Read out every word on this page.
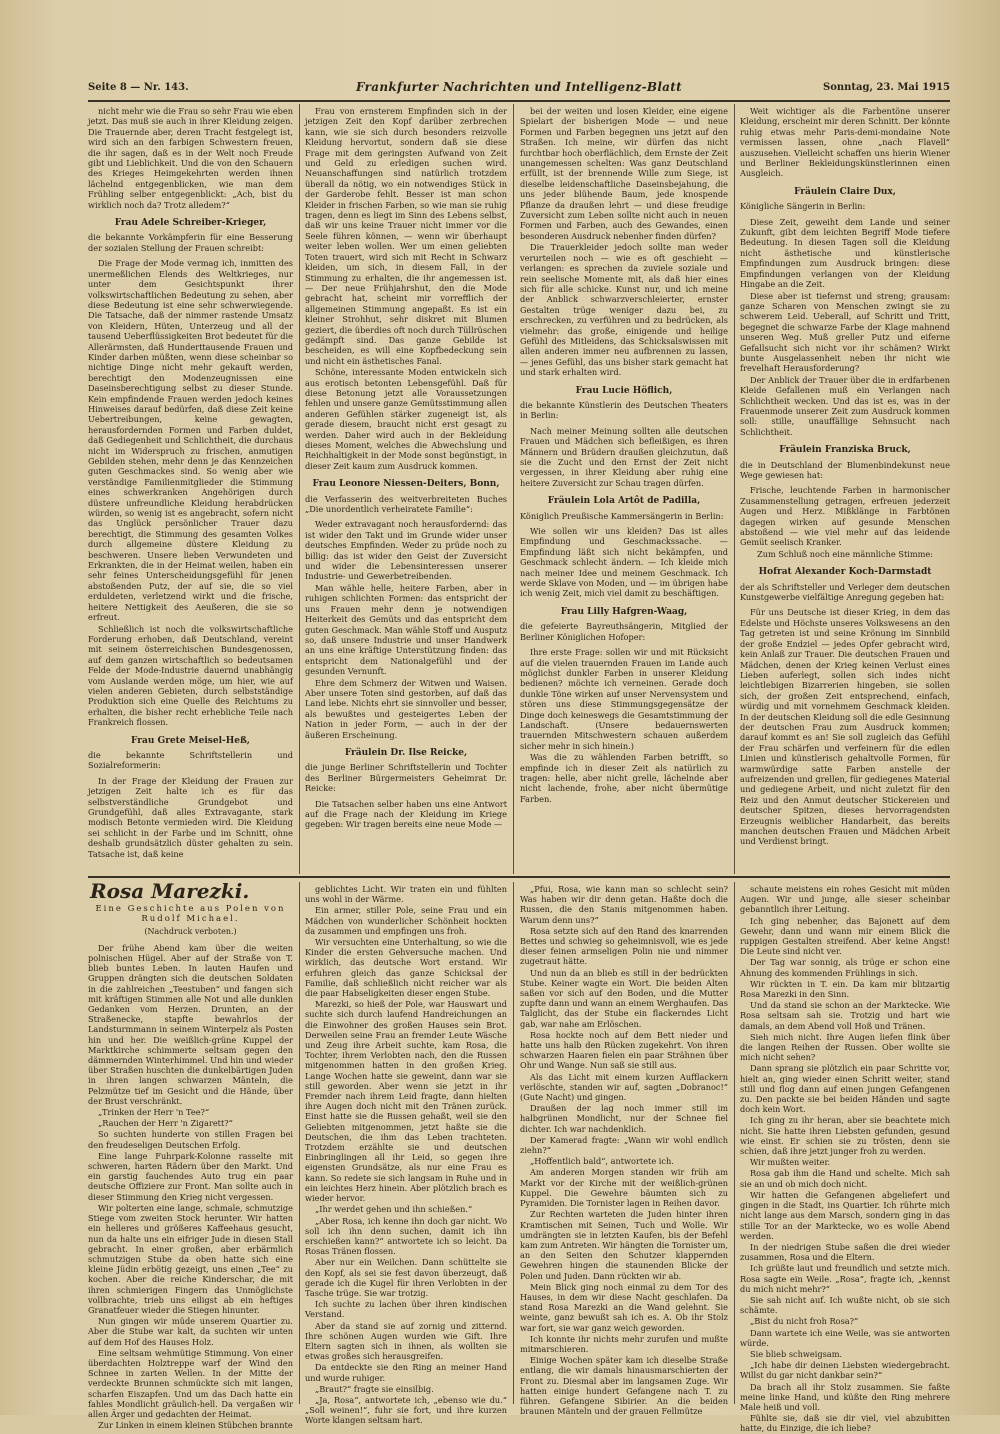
Seite 8 — Nr. 143.	Frankfurter Nachrichten und Intelligenz-Blatt	Sonntag, 23. Mai 1915

nicht mehr wie die Frau so sehr Frau wie eben jetzt. Das muß sie auch in ihrer Kleidung zeigen. Die Trauernde aber, deren Tracht festgelegt ist, wird sich an den farbigen Schwestern freuen, die ihr sagen, daß es in der Welt noch Freude gibt und Lieblichkeit. Und die von den Schauern des Krieges Heimgekehrten werden ihnen lächelnd entgegenblicken, wie man dem Frühling selber entgegenblickt: „Ach, bist du wirklich noch da? Trotz alledem?“

Frau Adele Schreiber-Krieger,

die bekannte Vorkämpferin für eine Besserung der sozialen Stellung der Frauen schreibt:

Die Frage der Mode vermag ich, inmitten des unermeßlichen Elends des Weltkrieges, nur unter dem Gesichtspunkt ihrer volkswirtschaftlichen Bedeutung zu sehen, aber diese Bedeutung ist eine sehr schwerwiegende. Die Tatsache, daß der nimmer rastende Umsatz von Kleidern, Hüten, Unterzeug und all der tausend Ueberflüssigkeiten Brot bedeutet für die Allerärmsten, daß Hunderttausende Frauen und Kinder darben müßten, wenn diese scheinbar so nichtige Dinge nicht mehr gekauft werden, berechtigt den Modenzeugnissen eine Daseinsberechtigung selbst zu dieser Stunde. Kein empfindende Frauen werden jedoch keines Hinweises darauf bedürfen, daß diese Zeit keine Uebertreibungen, keine gewagten, herausfordernden Formen und Farben duldet, daß Gediegenheit und Schlichtheit, die durchaus nicht im Widerspruch zu frischen, anmutigen Gebilden stehen, mehr denn je das Kennzeichen guten Geschmackes sind. So wenig aber wie verständige Familienmitglieder die Stimmung eines schwerkranken Angehörigen durch düstere unfreundliche Kleidung herabdrücken würden, so wenig ist es angebracht, sofern nicht das Unglück persönlicher Trauer dazu berechtigt, die Stimmung des gesamten Volkes durch allgemeine düstere Kleidung zu beschweren. Unsere lieben Verwundeten und Erkrankten, die in der Heimat weilen, haben ein sehr feines Unterscheidungsgefühl für jenen abstoßenden Putz, der auf sie, die so viel erduldeten, verletzend wirkt und die frische, heitere Nettigkeit des Aeußeren, die sie so erfreut.

Schließlich ist noch die volkswirtschaftliche Forderung erhoben, daß Deutschland, vereint mit seinem österreichischen Bundesgenossen, auf dem ganzen wirtschaftlich so bedeutsamen Felde der Mode-Industrie dauernd unabhängig vom Auslande werden möge, um hier, wie auf vielen anderen Gebieten, durch selbstständige Produktion sich eine Quelle des Reichtums zu erhalten, die bisher recht erhebliche Teile nach Frankreich flossen.

Frau Grete Meisel-Heß,

die bekannte Schriftstellerin und Sozialreformerin:

In der Frage der Kleidung der Frauen zur jetzigen Zeit halte ich es für das selbstverständliche Grundgebot und Grundgefühl, daß alles Extravagante, stark modisch Betonte vermieden wird. Die Kleidung sei schlicht in der Farbe und im Schnitt, ohne deshalb grundsätzlich düster gehalten zu sein. Tatsache ist, daß keine

Frau von ernsterem Empfinden sich in der jetzigen Zeit den Kopf darüber zerbrechen kann, wie sie sich durch besonders reizvolle Kleidung hervortut, sondern daß sie diese Frage mit dem geringsten Aufwand von Zeit und Geld zu erledigen suchen wird. Neuanschaffungen sind natürlich trotzdem überall da nötig, wo ein notwendiges Stück in der Garderobe fehlt. Besser ist man schon Kleider in frischen Farben, so wie man sie ruhig tragen, denn es liegt im Sinn des Lebens selbst, daß wir uns keine Trauer nicht immer vor die Seele führen können, — wenn wir überhaupt weiter leben wollen. Wer um einen geliebten Toten trauert, wird sich mit Recht in Schwarz kleiden, um sich, in diesem Fall, in der Stimmung zu erhalten, die ihr angemessen ist. — Der neue Frühjahrshut, den die Mode gebracht hat, scheint mir vorrefflich der allgemeinen Stimmung angepaßt. Es ist ein kleiner Strohhut, sehr diskret mit Blumen geziert, die überdies oft noch durch Tüllrüschen gedämpft sind. Das ganze Gebilde ist bescheiden, es will eine Kopfbedeckung sein und nicht ein ästhetisches Fanal.

Schöne, interessante Moden entwickeln sich aus erotisch betonten Lebensgefühl. Daß für diese Betonung jetzt alle Voraussetzungen fehlen und unsere ganze Gemütsstimmung allen anderen Gefühlen stärker zugeneigt ist, als gerade diesem, braucht nicht erst gesagt zu werden. Daher wird auch in der Bekleidung dieses Moment, welches die Abwechslung und Reichhaltigkeit in der Mode sonst begünstigt, in dieser Zeit kaum zum Ausdruck kommen.

Frau Leonore Niessen-Deiters, Bonn,

die Verfasserin des weitverbreiteten Buches „Die unordentlich verheiratete Familie“:

Weder extravagant noch herausfordernd: das ist wider den Takt und im Grunde wider unser deutsches Empfinden. Weder zu prüde noch zu billig: das ist wider den Geist der Zuversicht und wider die Lebensinteressen unserer Industrie- und Gewerbetreibenden.

Man wähle helle, heitere Farben, aber in ruhigen schlichten Formen: das entspricht der uns Frauen mehr denn je notwendigen Heiterkeit des Gemüts und das entspricht dem guten Geschmack. Man wähle Stoff und Ausputz so, daß unsere Industrie und unser Handwerk an uns eine kräftige Unterstützung finden: das entspricht dem Nationalgefühl und der gesunden Vernunft.

Ehre dem Schmerz der Witwen und Waisen. Aber unsere Toten sind gestorben, auf daß das Land lebe. Nichts ehrt sie sinnvoller und besser, als bewußtes und gesteigertes Leben der Nation in jeder Form, — auch in der der äußeren Erscheinung.

Fräulein Dr. Ilse Reicke,

die junge Berliner Schriftstellerin und Tochter des Berliner Bürgermeisters Geheimrat Dr. Reicke:

Die Tatsachen selber haben uns eine Antwort auf die Frage nach der Kleidung im Kriege gegeben: Wir tragen bereits eine neue Mode —

bei der weiten und losen Kleider, eine eigene Spielart der bisherigen Mode — und neue Formen und Farben begegnen uns jetzt auf den Straßen. Ich meine, wir dürfen das nicht furchtbar hoch oberflächlich, dem Ernste der Zeit unangemessen schelten: Was ganz Deutschland erfüllt, ist der brennende Wille zum Siege, ist dieselbe leidenschaftliche Daseinsbejahung, die uns jeder blühende Baum, jede knospende Pflanze da draußen lehrt — und diese freudige Zuversicht zum Leben sollte nicht auch in neuen Formen und Farben, auch des Gewandes, einen besonderen Ausdruck nebenher finden dürfen?

Die Trauerkleider jedoch sollte man weder verurteilen noch — wie es oft geschieht — verlangen: es sprechen da zuviele soziale und rein seelische Momente mit, als daß hier eines sich für alle schicke. Kunst nur, und ich meine der Anblick schwarzverschleierter, ernster Gestalten trüge weniger dazu bei, zu erschrecken, zu verführen und zu bedrücken, als vielmehr: das große, einigende und heilige Gefühl des Mitleidens, das Schicksalswissen mit allen anderen immer neu aufbrennen zu lassen, — jenes Gefühl, das uns bisher stark gemacht hat und stark erhalten wird.

Frau Lucie Höflich,

die bekannte Künstlerin des Deutschen Theaters in Berlin:

Nach meiner Meinung sollten alle deutschen Frauen und Mädchen sich befleißigen, es ihren Männern und Brüdern draußen gleichzutun, daß sie die Zucht und den Ernst der Zeit nicht vergessen, in ihrer Kleidung aber ruhig eine heitere Zuversicht zur Schau tragen dürfen.

Fräulein Lola Artôt de Padilla,

Königlich Preußische Kammersängerin in Berlin:

Wie sollen wir uns kleiden? Das ist alles Empfindung und Geschmackssache. — Empfindung läßt sich nicht bekämpfen, und Geschmack schlecht ändern. — Ich kleide mich nach meiner Idee und meinem Geschmack. Ich werde Sklave von Moden, und — im übrigen habe ich wenig Zeit, mich viel damit zu beschäftigen.

Frau Lilly Hafgren-Waag,

die gefeierte Bayreuthsängerin, Mitglied der Berliner Königlichen Hofoper:

Ihre erste Frage: sollen wir und mit Rücksicht auf die vielen trauernden Frauen im Lande auch möglichst dunkler Farben in unserer Kleidung bedienen? möchte ich verneinen. Gerade doch dunkle Töne wirken auf unser Nervensystem und stören uns diese Stimmungsgegensätze der Dinge doch keineswegs die Gesamtstimmung der Landschaft. (Unsere bedauernswerten trauernden Mitschwestern schauen außerdem sicher mehr in sich hinein.)

Was die zu wählenden Farben betrifft, so empfinde ich in dieser Zeit als natürlich zu tragen: helle, aber nicht grelle, lächelnde aber nicht lachende, frohe, aber nicht übermütige Farben.

Weit wichtiger als die Farbentöne unserer Kleidung, erscheint mir deren Schnitt. Der könnte ruhig etwas mehr Paris-demi-mondaine Note vermissen lassen, ohne „nach Flavell“ auszusehen. Vielleicht schaffen uns hierin Wiener und Berliner Bekleidungskünstlerinnen einen Ausgleich.

Fräulein Claire Dux,

Königliche Sängerin in Berlin:

Diese Zeit, geweiht dem Lande und seiner Zukunft, gibt dem leichten Begriff Mode tiefere Bedeutung. In diesen Tagen soll die Kleidung nicht ästhetische und künstlerische Empfindungen zum Ausdruck bringen: diese Empfindungen verlangen von der Kleidung Hingabe an die Zeit.

Diese aber ist tiefernst und streng; grausam: ganze Scharen von Menschen zwingt sie zu schwerem Leid. Ueberall, auf Schritt und Tritt, begegnet die schwarze Farbe der Klage mahnend unseren Weg. Muß greller Putz und eiferne Gefallsucht sich nicht vor ihr schämen? Wirkt bunte Ausgelassenheit neben ihr nicht wie frevelhaft Herausforderung?

Der Anblick der Trauer über die in erdfarbenen Kleide Gefallenen muß ein Verlangen nach Schlichtheit wecken. Und das ist es, was in der Frauenmode unserer Zeit zum Ausdruck kommen soll: stille, unauffällige Sehnsucht nach Schlichtheit.

Fräulein Franziska Bruck,

die in Deutschland der Blumenbindekunst neue Wege gewiesen hat:

Frische, leuchtende Farben in harmonischer Zusammenstellung getragen, erfreuen jederzeit Augen und Herz. Mißklänge in Farbtönen dagegen wirken auf gesunde Menschen abstoßend — wie viel mehr auf das leidende Gemüt seelisch Kranker.

Zum Schluß noch eine männliche Stimme:

Hofrat Alexander Koch-Darmstadt

der als Schriftsteller und Verleger dem deutschen Kunstgewerbe vielfältige Anregung gegeben hat:

Für uns Deutsche ist dieser Krieg, in dem das Edelste und Höchste unseres Volkswesens an den Tag getreten ist und seine Krönung im Sinnbild der große Endziel — jedes Opfer gebracht wird, kein Anlaß zur Trauer. Die deutschen Frauen und Mädchen, denen der Krieg keinen Verlust eines Lieben auferlegt, sollen sich indes nicht leichtlebigen Bizarrerien hingeben, sie sollen sich, der großen Zeit entsprechend, einfach, würdig und mit vornehmem Geschmack kleiden. In der deutschen Kleidung soll die edle Gesinnung der deutschen Frau zum Ausdruck kommen; darauf kommt es an! Sie soll zugleich das Gefühl der Frau schärfen und verfeinern für die edlen Linien und künstlerisch gehaltvolle Formen, für warmwürdige satte Farben anstelle der aufreizenden und grellen, für gediegenes Material und gediegene Arbeit, und nicht zuletzt für den Reiz und den Anmut deutscher Stickereien und deutscher Spitzen, dieses hervorragendsten Erzeugnis weiblicher Handarbeit, das bereits manchen deutschen Frauen und Mädchen Arbeit und Verdienst bringt.

Rosa Marezki.
Eine Geschichte aus Polen von Rudolf Michael.
(Nachdruck verboten.)

Der frühe Abend kam über die weiten polnischen Hügel. Aber auf der Straße von T. blieb buntes Leben. In lauten Haufen und Gruppen drängten sich die deutschen Soldaten in die zahlreichen „Teestuben“ und fangen sich mit kräftigen Stimmen alle Not und alle dunklen Gedanken vom Herzen. Drunten, an der Straßenecke, stapfte bewahrlos der Landsturmmann in seinem Winterpelz als Posten hin und her. Die weißlich-grüne Kuppel der Marktkirche schimmerte seltsam gegen den dämmernden Winterhimmel. Und hin und wieder über Straßen huschten die dunkelbärtigen Juden in ihren langen schwarzen Mänteln, die Pelzmütze tief im Gesicht und die Hände, über der Brust verschränkt.

„Trinken der Herr 'n Tee?“

„Rauchen der Herr 'n Zigarett?“

So suchten hunderte von stillen Fragen bei den freudeseligen Deutschen Erfolg.

Eine lange Fuhrpark-Kolonne rasselte mit schweren, harten Rädern über den Markt. Und ein garstig fauchendes Auto trug ein paar deutsche Offiziere zur Front. Man sollte auch in dieser Stimmung den Krieg nicht vergessen.

Wir polterten eine lange, schmale, schmutzige Stiege vom zweiten Stock herunter. Wir hatten ein helleres und größeres Kaffeehaus gesucht, nun da halte uns ein eifriger Jude in diesen Stall gebracht. In einer großen, aber erbärmlich schmutzigen Stube da oben hatte sich eine kleine Jüdin erbötig gezeigt, uns einen „Tee“ zu kochen. Aber die reiche Kinderschar, die mit ihren schmierigen Fingern das Unmöglichste vollbrachte, trieb uns eiligst ab ein heftiges Granatfeuer wieder die Stiegen hinunter.

Nun gingen wir müde unserem Quartier zu. Aber die Stube war kalt, da suchten wir unten auf dem Hof des Hauses Holz.

Eine seltsam wehmütige Stimmung. Von einer überdachten Holztreppe warf der Wind den Schnee in zarten Wellen. In der Mitte der verdeckte Brunnen schmückte sich mit langen, scharfen Eiszapfen. Und um das Dach hatte ein fahles Mondlicht gräulich-hell. Da vergaßen wir allen Ärger und gedachten der Heimat.

Zur Linken in einem kleinen Stübchen brannte

geblichtes Licht. Wir traten ein und fühlten uns wohl in der Wärme.

Ein armer, stiller Pole, seine Frau und ein Mädchen von wunderlicher Schönheit hockten da zusammen und empfingen uns froh.

Wir versuchten eine Unterhaltung, so wie die Kinder die ersten Gehversuche machen. Und wirklich, das deutsche Wort erstand. Wir erfuhren gleich das ganze Schicksal der Familie, daß schließlich nicht reicher war als die paar Habseligkeiten dieser engen Stube.

Marezki, so hieß der Pole, war Hauswart und suchte sich durch laufend Handreichungen an die Einwohner des großen Hauses sein Brot. Derweilen seine Frau an fremder Leute Wäsche und Zeug ihre Arbeit suchte, kam Rosa, die Tochter, ihrem Verlobten nach, den die Russen mitgenommen hatten in den großen Krieg. Lange Wochen hatte sie geweint, dann war sie still geworden. Aber wenn sie jetzt in ihr Fremder nach ihrem Leid fragte, dann hielten ihre Augen doch nicht mit den Tränen zurück. Einst hatte sie die Russen gehaßt, weil sie den Geliebten mitgenommen, jetzt haßte sie die Deutschen, die ihm das Leben trachteten. Trotzdem erzählte sie und deutschen Einbringlingen all ihr Leid, so gegen ihre eigensten Grundsätze, als nur eine Frau es kann. So redete sie sich langsam in Ruhe und in ein leichtes Herz hinein. Aber plötzlich brach es wieder hervor.

„Ihr werdet gehen und ihn schießen.“

„Aber Rosa, ich kenne ihn doch gar nicht. Wo soll ich ihn denn suchen, damit ich ihn erschießen kann?“ antwortete ich so leicht. Da Rosas Tränen flossen.

Aber nur ein Weilchen. Dann schüttelte sie den Kopf, als sei sie fest davon überzeugt, daß gerade ich die Kugel für ihren Verlobten in der Tasche trüge. Sie war trotzig.

Ich suchte zu lachen über ihren kindischen Verstand.

Aber da stand sie auf zornig und zitternd. Ihre schönen Augen wurden wie Gift. Ihre Eltern sagten sich in ihnen, als wollten sie etwas großes sich herausgreifen.

Da entdeckte sie den Ring an meiner Hand und wurde ruhiger.

„Braut?“ fragte sie einsilbig.

„Ja, Rosa“, antwortete ich, „ebenso wie du.“ „Soll weinen!“, fuhr sie fort, und ihre kurzen Worte klangen seltsam hart.

„Pfui, Rosa, wie kann man so schlecht sein? Was haben wir dir denn getan. Haßte doch die Russen, die den Stanis mitgenommen haben. Warum denn uns?“

Rosa setzte sich auf den Rand des knarrenden Bettes und schwieg so geheimnisvoll, wie es jede dieser feinen armseligen Polin nie und nimmer zugetraut hätte.

Und nun da an blieb es still in der bedrückten Stube. Keiner wagte ein Wort. Die beiden Alten saßen vor sich auf den Boden, und die Mutter zupfte dann und wann an einem Werghaufen. Das Talglicht, das der Stube ein flackerndes Licht gab, war nahe am Erlöschen.

Rosa hockte noch auf dem Bett nieder und hatte uns halb den Rücken zugekehrt. Von ihren schwarzen Haaren fielen ein paar Strähnen über Ohr und Wange. Nun saß sie still aus.

Als das Licht mit einem kurzen Aufflackern verlöschte, standen wir auf, sagten „Dobranoc!“ (Gute Nacht) und gingen.

Draußen der lag noch immer still im halbgrünen Mondlicht, nur der Schnee fiel dichter. Ich war nachdenklich.

Der Kamerad fragte: „Wann wir wohl endlich ziehn?“

„Hoffentlich bald“, antwortete ich.

Am anderen Morgen standen wir früh am Markt vor der Kirche mit der weißlich-grünen Kuppel. Die Gewehre bäumten sich zu Pyramiden. Die Tornister lagen in Reihen davor.

Zur Rechten warteten die Juden hinter ihren Kramtischen mit Seinen, Tuch und Wolle. Wir umdrängten sie in letzten Kaufen, bis der Befehl kam zum Antreten. Wir hängten die Tornister um, an den Seiten den Schutzer klappernden Gewehren hingen die staunenden Blicke der Polen und Juden. Dann rückten wir ab.

Mein Blick ging noch einmal zu dem Tor des Hauses, in dem wir diese Nacht geschlafen. Da stand Rosa Marezki an die Wand gelehnt. Sie weinte, ganz bewußt sah ich es. A. Ob ihr Stolz war fort, sie war ganz weich geworden.

Ich konnte ihr nichts mehr zurufen und mußte mitmarschieren.

Einige Wochen später kam ich dieselbe Straße entlang, die wir damals hinausmarschierten der Front zu. Diesmal aber im langsamen Zuge. Wir hatten einige hundert Gefangene nach T. zu führen. Gefangene Sibirier. An die beiden braunen Mänteln und der grauen Fellmütze

schaute meistens ein rohes Gesicht mit müden Augen. Wir und junge, alle sieser scheinbar gebanntlich ihrer Leitung.

Ich ging nebenher, das Bajonett auf dem Gewehr, dann und wann mir einem Blick die ruppigen Gestalten streifend. Aber keine Angst! Die Leute sind nicht ver.

Der Tag war sonnig, als trüge er schon eine Ahnung des kommenden Frühlings in sich.

Wir rückten in T. ein. Da kam mir blitzartig Rosa Marezki in den Sinn.

Und da stand sie schon an der Marktecke. Wie Rosa seltsam sah sie. Trotzig und hart wie damals, an dem Abend voll Hoß und Tränen.

Sieh mich nicht. Ihre Augen liefen flink über die langen Reihen der Russen. Ober wollte sie mich nicht sehen?

Dann sprang sie plötzlich ein paar Schritte vor, hielt an, ging wieder einen Schritt weiter, stand still und flog dann auf einen jungen Gefangenen zu. Den packte sie bei beiden Händen und sagte doch kein Wort.

Ich ging zu ihr heran, aber sie beachtete mich nicht. Sie hatte ihren Liebsten gefunden, gesund wie einst. Er schien sie zu trösten, denn sie schien, daß ihre jetzt junger froh zu werden.

Wir mußten weiter.

Rosa gab ihm die Hand und schelte. Mich sah sie an und ob mich doch nicht.

Wir hatten die Gefangenen abgeliefert und gingen in die Stadt, ins Quartier. Ich rührte mich nicht lange aus dem Marsch, sondern ging in das stille Tor an der Marktecke, wo es wolle Abend werden.

In der niedrigen Stube saßen die drei wieder zusammen, Rosa und die Eltern.

Ich grüßte laut und freundlich und setzte mich. Rosa sagte ein Weile. „Rosa“, fragte ich, „kennst du mich nicht mehr?“

Sie sah nicht auf. Ich wußte nicht, ob sie sich schämte.

„Bist du nicht froh Rosa?“

Dann wartete ich eine Weile, was sie antworten würde.

Sie blieb schweigsam.

„Ich habe dir deinen Liebsten wiedergebracht. Willst du gar nicht dankbar sein?“

Da brach all ihr Stolz zusammen. Sie faßte meine linke Hand, und küßte den Ring mehrere Male heiß und voll.

Fühlte sie, daß sie dir viel, viel abzubitten hatte, du Einzige, die ich liebe?
